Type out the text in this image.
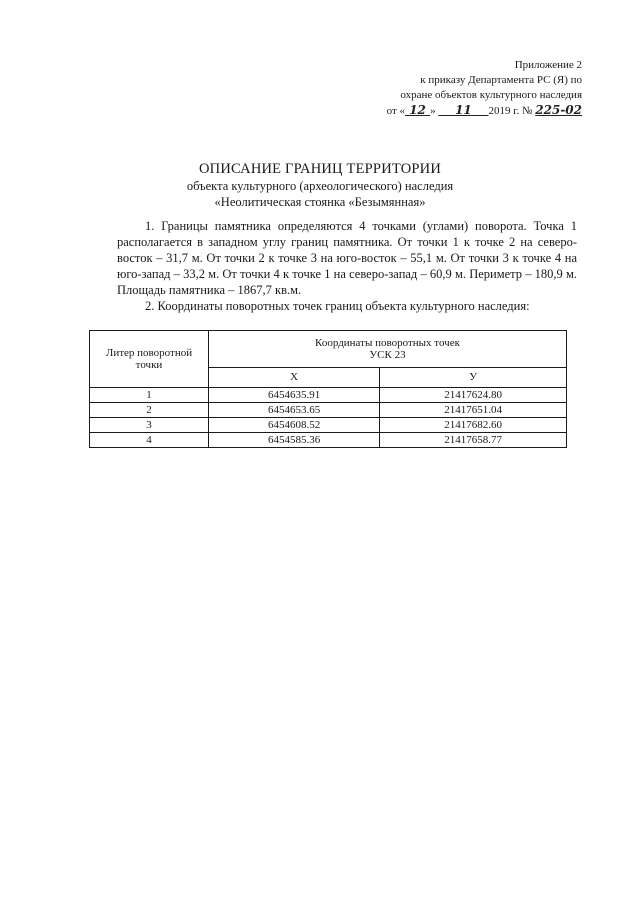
Приложение 2
к приказу Департамента РС (Я) по
охране объектов культурного наследия
от « 12 » 11 2019 г. № 225-02
ОПИСАНИЕ ГРАНИЦ ТЕРРИТОРИИ
объекта культурного (археологического) наследия
«Неолитическая стоянка «Безымянная»

1. Границы памятника определяются 4 точками (углами) поворота. Точка 1 располагается в западном углу границ памятника. От точки 1 к точке 2 на северо-восток – 31,7 м. От точки 2 к точке 3 на юго-восток – 55,1 м. От точки 3 к точке 4 на юго-запад – 33,2 м. От точки 4 к точке 1 на северо-запад – 60,9 м. Периметр – 180,9 м. Площадь памятника – 1867,7 кв.м.

2. Координаты поворотных точек границ объекта культурного наследия:

Литер поворотной точки	Координаты поворотных точек
УСК 23	

	Х	У
1	6454635.91	21417624.80
2	6454653.65	21417651.04
3	6454608.52	21417682.60
4	6454585.36	21417658.77
